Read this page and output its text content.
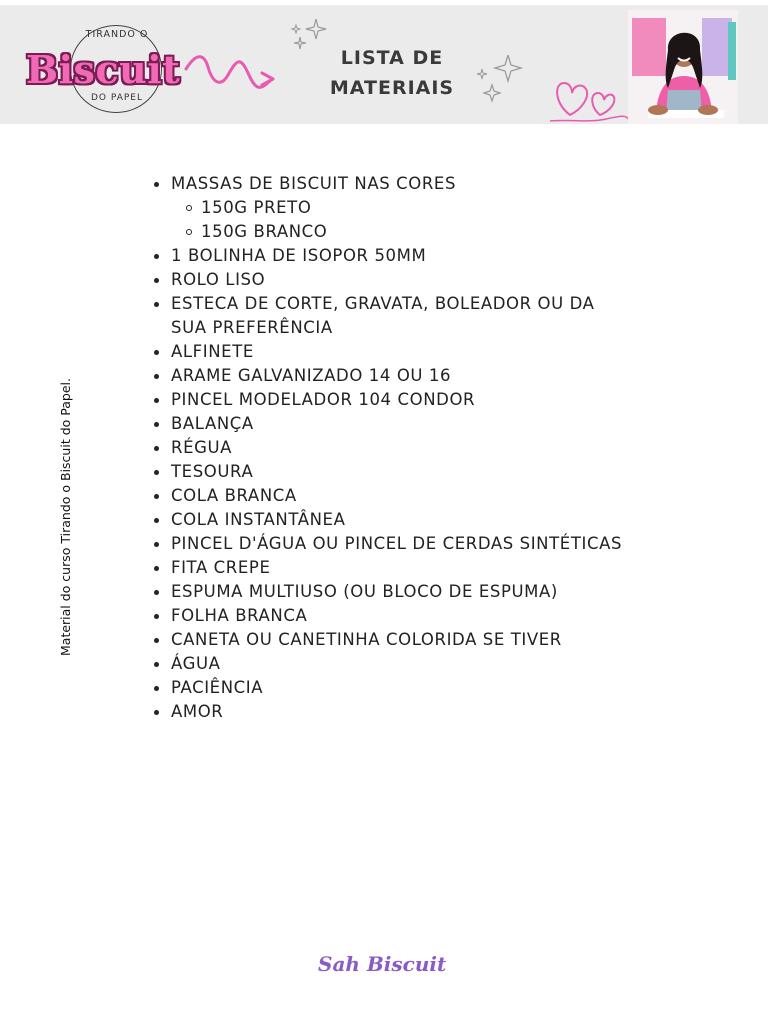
TIRANDO O
Biscuit
DO PAPEL
LISTA DE
MATERIAIS
Material do curso Tirando o Biscuit do Papel.
MASSAS DE BISCUIT NAS CORES
150G PRETO
150G BRANCO
1 BOLINHA DE ISOPOR 50MM
ROLO LISO
ESTECA DE CORTE, GRAVATA, BOLEADOR OU DA SUA PREFERÊNCIA
ALFINETE
ARAME GALVANIZADO 14 OU 16
PINCEL MODELADOR 104 CONDOR
BALANÇA
RÉGUA
TESOURA
COLA BRANCA
COLA INSTANTÂNEA
PINCEL D'ÁGUA OU PINCEL DE CERDAS SINTÉTICAS
FITA CREPE
ESPUMA MULTIUSO (OU BLOCO DE ESPUMA)
FOLHA BRANCA
CANETA OU CANETINHA COLORIDA SE TIVER
ÁGUA
PACIÊNCIA
AMOR
Sah Biscuit
